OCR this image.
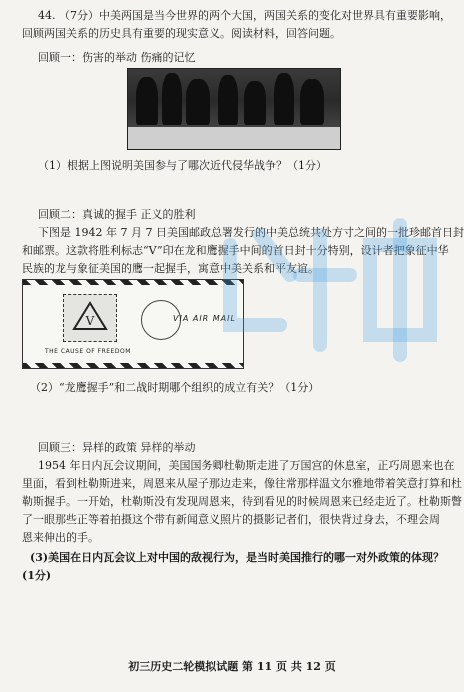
44. （7分）中美两国是当今世界的两个大国，两国关系的变化对世界具有重要影响，
回顾两国关系的历史具有重要的现实意义。阅读材料，回答问题。
回顾一：伤害的举动 伤痛的记忆
（1）根据上图说明美国参与了哪次近代侵华战争？（1分）
回顾二：真诚的握手 正义的胜利
下图是 1942 年 7 月 7 日美国邮政总署发行的中美总统共处方寸之间的一批珍邮首日封
和邮票。这款将胜利标志“V”印在龙和鹰握手中间的首日封十分特别，设计者把象征中华
民族的龙与象征美国的鹰一起握手，寓意中美关系和平友谊。
V	VIA AIR MAIL
THE CAUSE OF FREEDOM
（2）“龙鹰握手”和二战时期哪个组织的成立有关？（1分）
回顾三：异样的政策 异样的举动
1954 年日内瓦会议期间，美国国务卿杜勒斯走进了万国宫的休息室，正巧周恩来也在
里面，看到杜勒斯进来，周恩来从屋子那边走来，像往常那样温文尔雅地带着笑意打算和杜
勒斯握手。一开始，杜勒斯没有发现周恩来，待到看见的时候周恩来已经走近了。杜勒斯瞥
了一眼那些正等着拍摄这个带有新闻意义照片的摄影记者们，很快背过身去，不理会周
恩来伸出的手。
(3)美国在日内瓦会议上对中国的敌视行为，是当时美国推行的哪一对外政策的体现？
(1分)
初三历史二轮模拟试题 第 11 页 共 12 页
